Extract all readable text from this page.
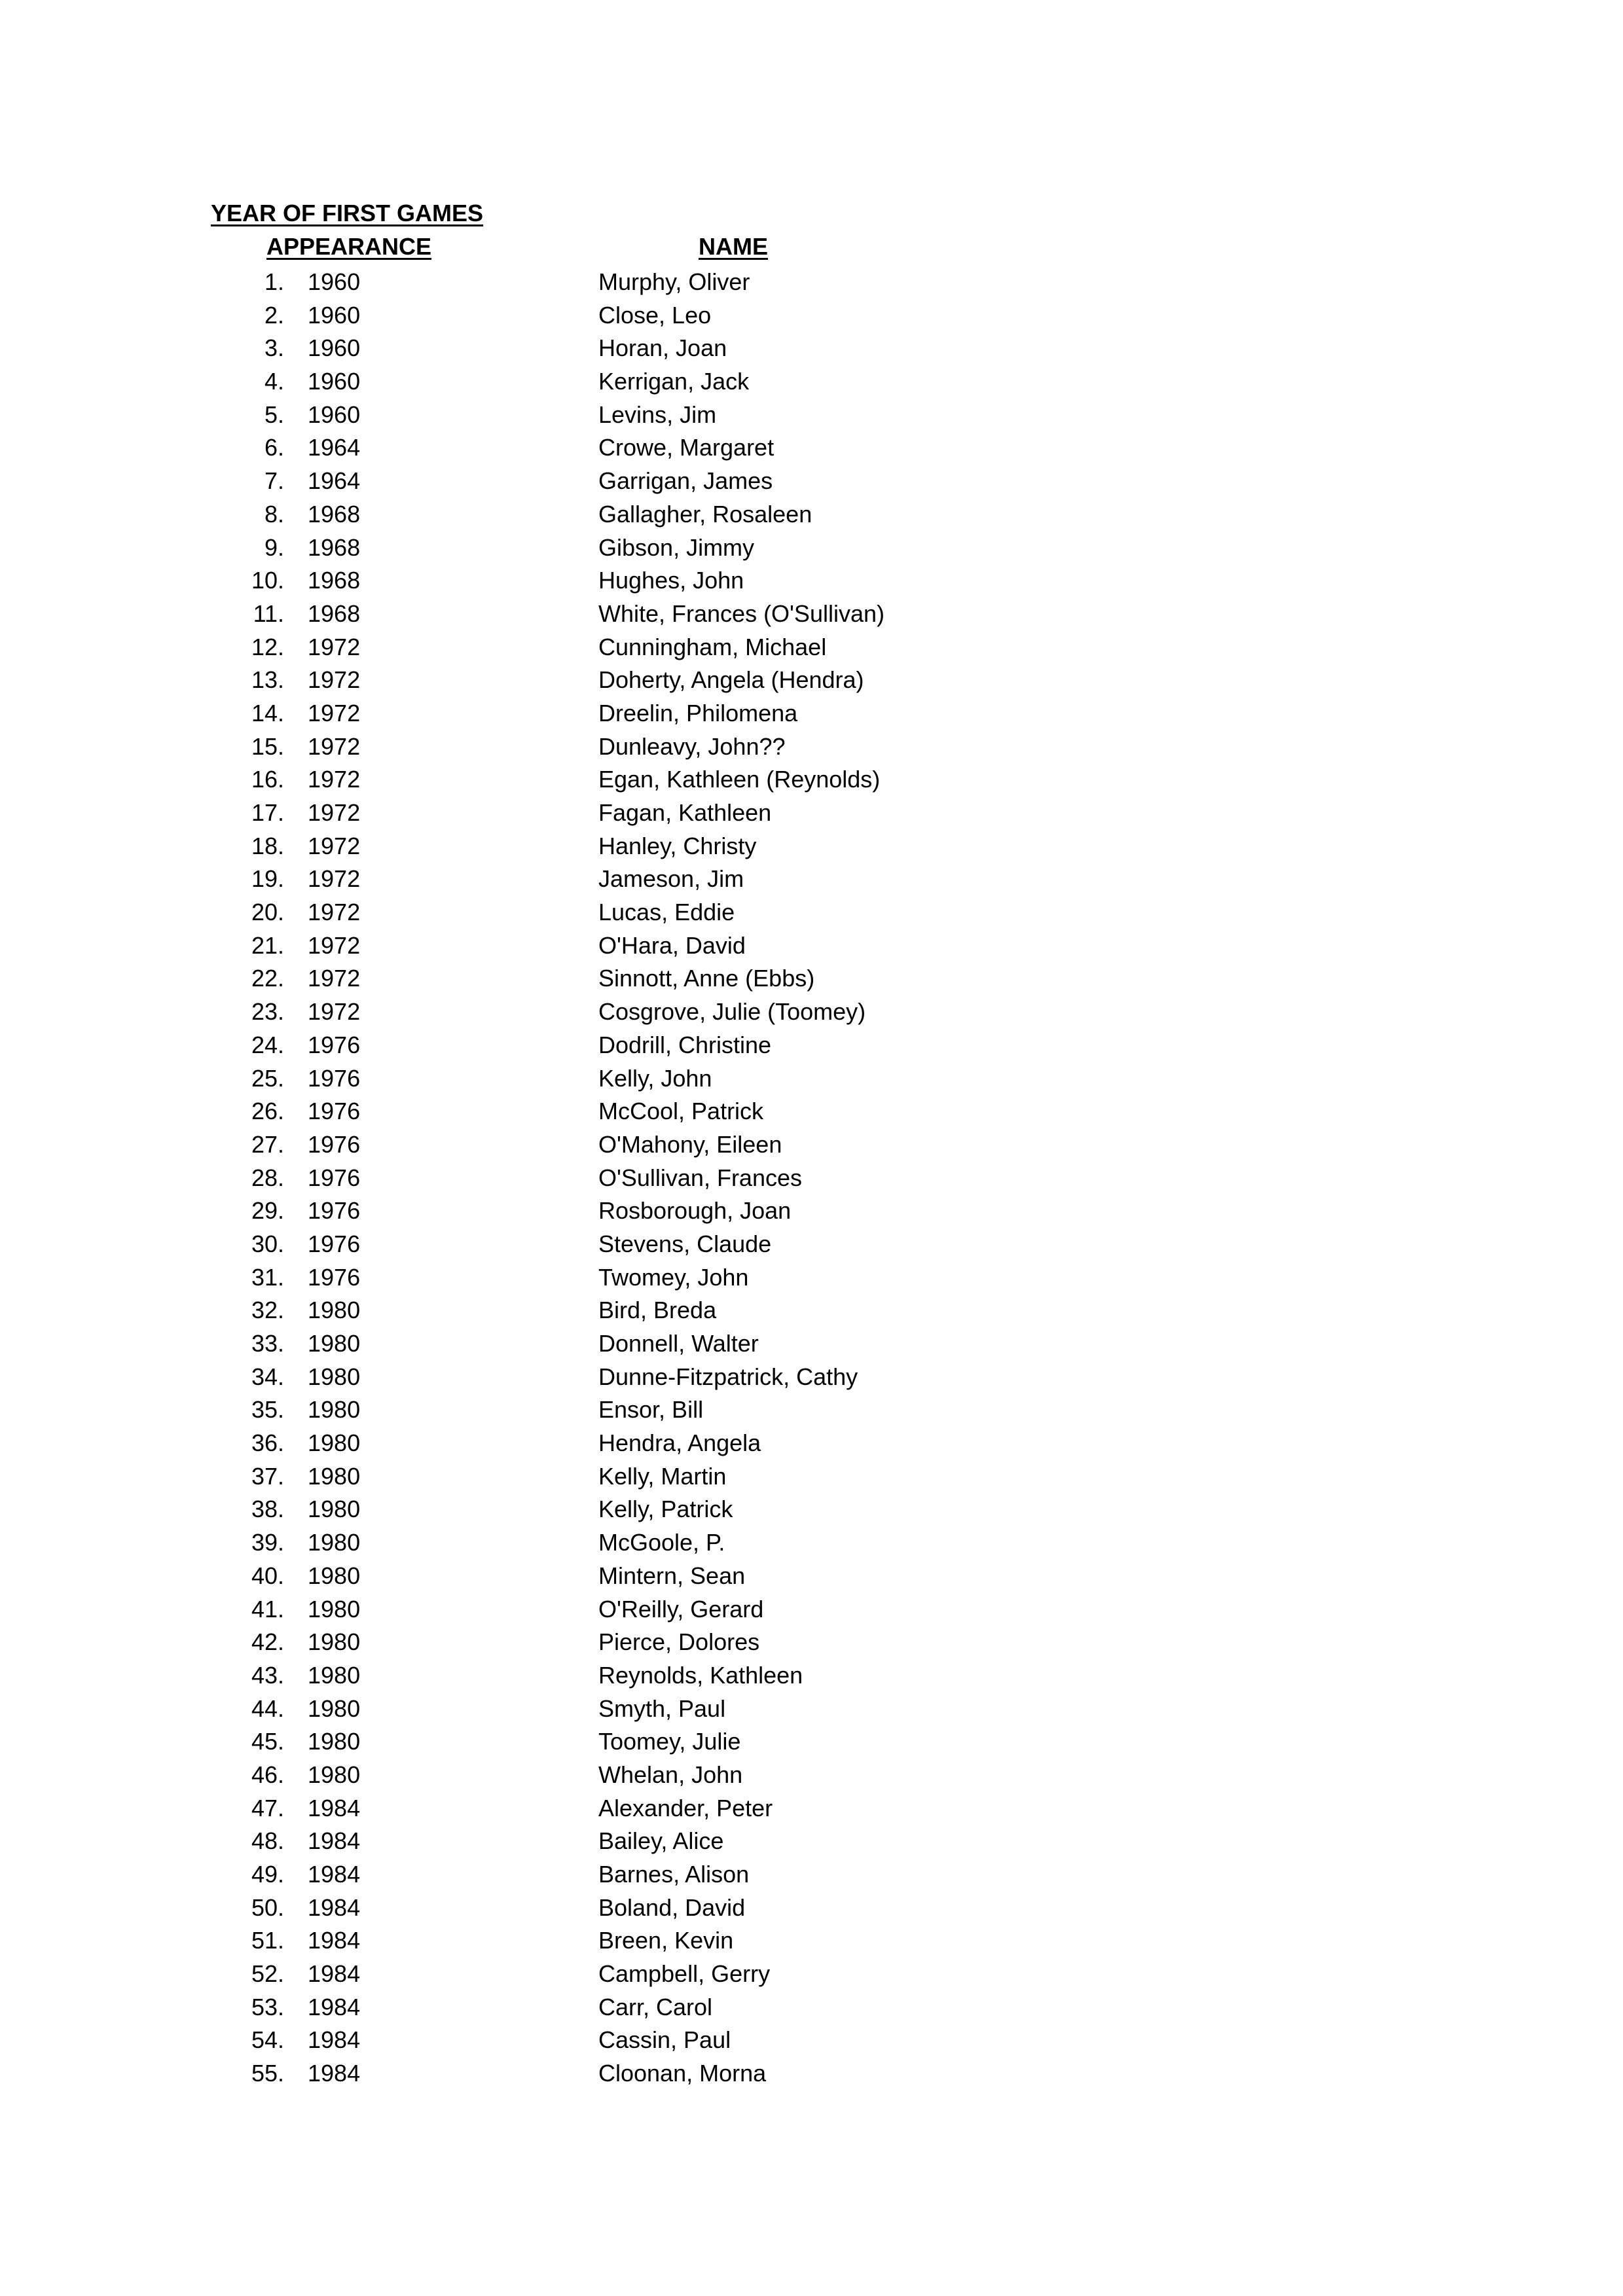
YEAR OF FIRST GAMES
APPEARANCE	NAME
1. 1960	Murphy, Oliver
2. 1960	Close, Leo
3. 1960	Horan, Joan
4. 1960	Kerrigan, Jack
5. 1960	Levins, Jim
6. 1964	Crowe, Margaret
7. 1964	Garrigan, James
8. 1968	Gallagher, Rosaleen
9. 1968	Gibson, Jimmy
10. 1968	Hughes, John
11. 1968	White, Frances (O'Sullivan)
12. 1972	Cunningham, Michael
13. 1972	Doherty, Angela (Hendra)
14. 1972	Dreelin, Philomena
15. 1972	Dunleavy, John??
16. 1972	Egan, Kathleen (Reynolds)
17. 1972	Fagan, Kathleen
18. 1972	Hanley, Christy
19. 1972	Jameson, Jim
20. 1972	Lucas, Eddie
21. 1972	O'Hara, David
22. 1972	Sinnott, Anne (Ebbs)
23. 1972	Cosgrove, Julie (Toomey)
24. 1976	Dodrill, Christine
25. 1976	Kelly, John
26. 1976	McCool, Patrick
27. 1976	O'Mahony, Eileen
28. 1976	O'Sullivan, Frances
29. 1976	Rosborough, Joan
30. 1976	Stevens, Claude
31. 1976	Twomey, John
32. 1980	Bird, Breda
33. 1980	Donnell, Walter
34. 1980	Dunne-Fitzpatrick, Cathy
35. 1980	Ensor, Bill
36. 1980	Hendra, Angela
37. 1980	Kelly, Martin
38. 1980	Kelly, Patrick
39. 1980	McGoole, P.
40. 1980	Mintern, Sean
41. 1980	O'Reilly, Gerard
42. 1980	Pierce, Dolores
43. 1980	Reynolds, Kathleen
44. 1980	Smyth, Paul
45. 1980	Toomey, Julie
46. 1980	Whelan, John
47. 1984	Alexander, Peter
48. 1984	Bailey, Alice
49. 1984	Barnes, Alison
50. 1984	Boland, David
51. 1984	Breen, Kevin
52. 1984	Campbell, Gerry
53. 1984	Carr, Carol
54. 1984	Cassin, Paul
55. 1984	Cloonan, Morna
